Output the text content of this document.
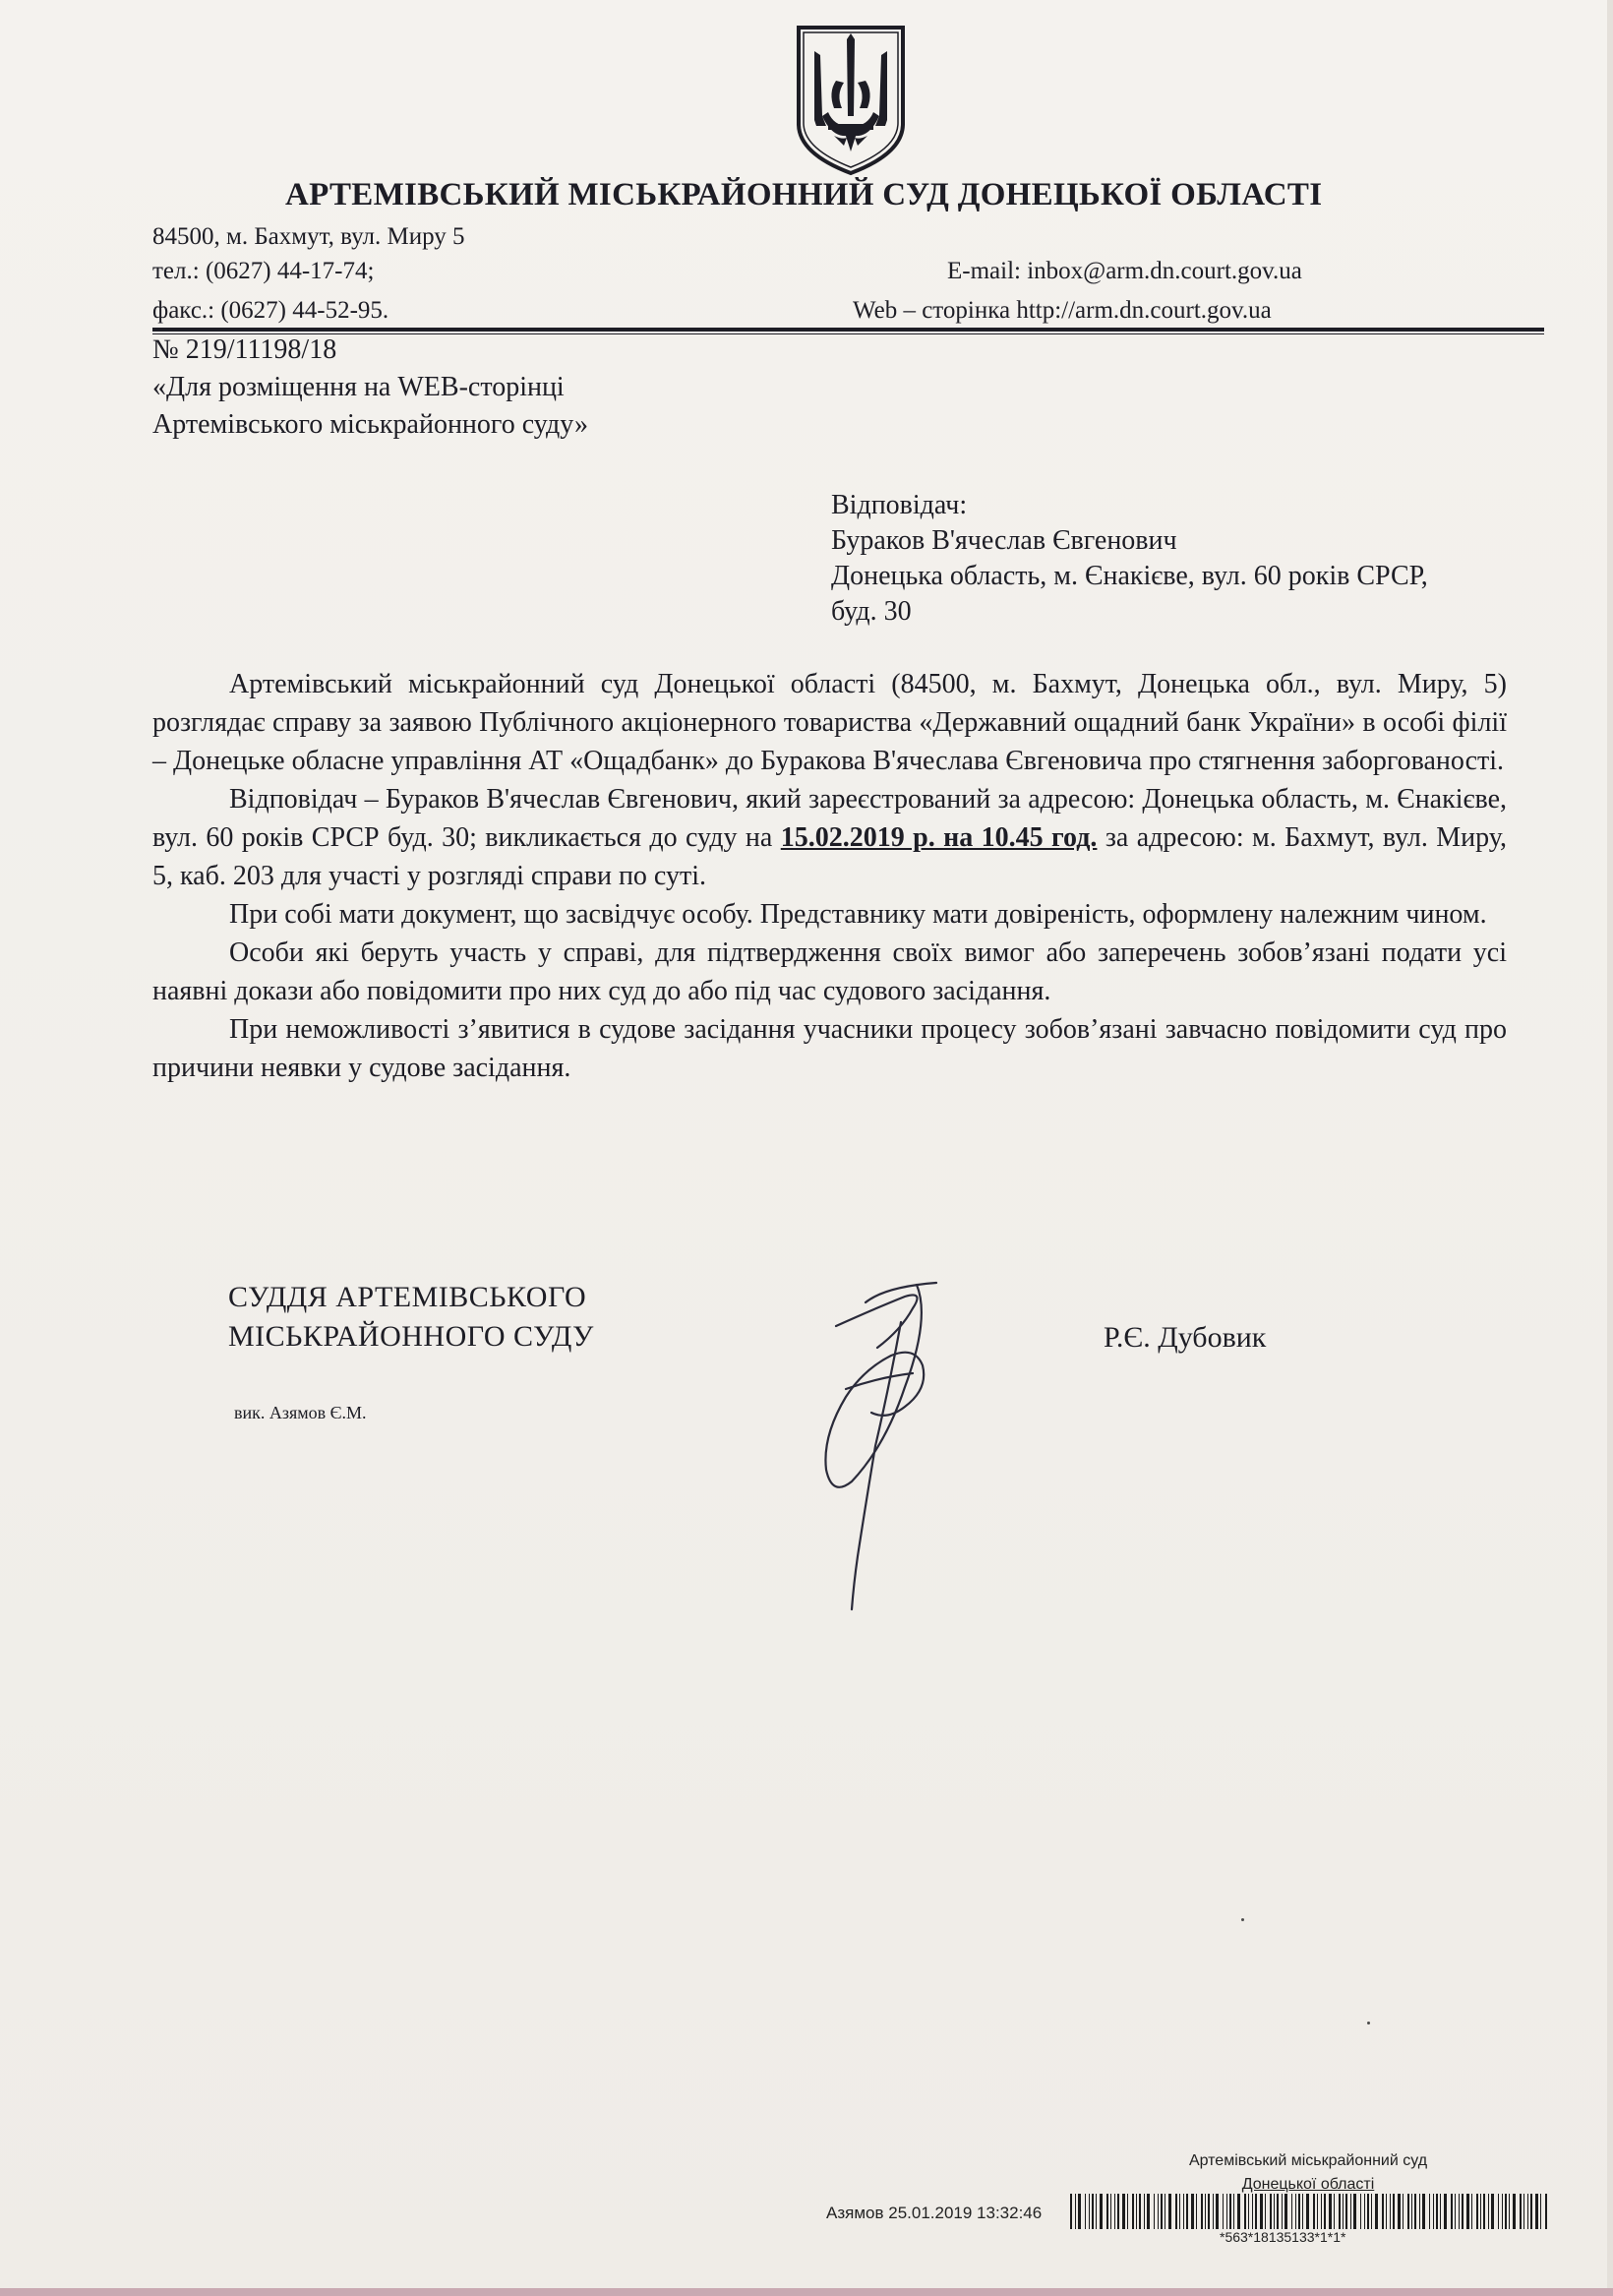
АРТЕМІВСЬКИЙ МІСЬКРАЙОННИЙ СУД ДОНЕЦЬКОЇ ОБЛАСТІ
84500, м. Бахмут, вул. Миру 5
тел.: (0627) 44-17-74;	E-mail: inbox@arm.dn.court.gov.ua
факс.: (0627) 44-52-95.	Web – сторінка http://arm.dn.court.gov.ua
№ 219/11198/18
«Для розміщення на WEB-сторінці
Артемівського міськрайонного суду»
Відповідач:
Бураков В'ячеслав Євгенович
Донецька область, м. Єнакієве, вул. 60 років СРСР,
буд. 30

Артемівський міськрайонний суд Донецької області (84500, м. Бахмут, Донецька обл., вул. Миру, 5) розглядає справу за заявою Публічного акціонерного товариства «Державний ощадний банк України» в особі філії – Донецьке обласне управління АТ «Ощадбанк» до Буракова В'ячеслава Євгеновича про стягнення заборгованості.

Відповідач – Бураков В'ячеслав Євгенович, який зареєстрований за адресою: Донецька область, м. Єнакієве, вул. 60 років СРСР буд. 30; викликається до суду на 15.02.2019 р. на 10.45 год. за адресою: м. Бахмут, вул. Миру, 5, каб. 203 для участі у розгляді справи по суті.

При собі мати документ, що засвідчує особу. Представнику мати довіреність, оформлену належним чином.

Особи які беруть участь у справі, для підтвердження своїх вимог або заперечень зобов’язані подати усі наявні докази або повідомити про них суд до або під час судового засідання.

При неможливості з’явитися в судове засідання учасники процесу зобов’язані завчасно повідомити суд про причини неявки у судове засідання.

СУДДЯ АРТЕМІВСЬКОГО
МІСЬКРАЙОННОГО СУДУ	Р.Є. Дубовик
вик. Азямов Є.М.
Артемівський міськрайонний суд
Донецької області
Азямов 25.01.2019 13:32:46
*563*18135133*1*1*
